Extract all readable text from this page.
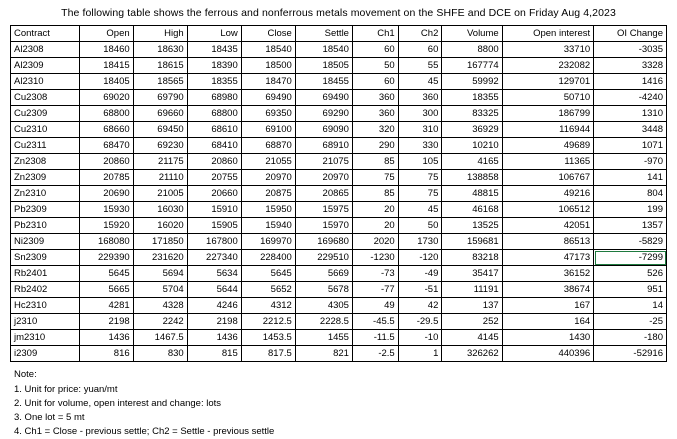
The following table shows the ferrous and nonferrous metals movement on the SHFE and DCE on Friday Aug 4,2023
Contract	Open	High	Low	Close	Settle	Ch1	Ch2	Volume	Open interest	OI Change
Al2308	18460	18630	18435	18540	18540	60	60	8800	33710	-3035
Al2309	18415	18615	18390	18500	18505	50	55	167774	232082	3328
Al2310	18405	18565	18355	18470	18455	60	45	59992	129701	1416
Cu2308	69020	69790	68980	69490	69490	360	360	18355	50710	-4240
Cu2309	68800	69660	68800	69350	69290	360	300	83325	186799	1310
Cu2310	68660	69450	68610	69100	69090	320	310	36929	116944	3448
Cu2311	68470	69230	68410	68870	68910	290	330	10210	49689	1071
Zn2308	20860	21175	20860	21055	21075	85	105	4165	11365	-970
Zn2309	20785	21110	20755	20970	20970	75	75	138858	106767	141
Zn2310	20690	21005	20660	20875	20865	85	75	48815	49216	804
Pb2309	15930	16030	15910	15950	15975	20	45	46168	106512	199
Pb2310	15920	16020	15905	15940	15970	20	50	13525	42051	1357
Ni2309	168080	171850	167800	169970	169680	2020	1730	159681	86513	-5829
Sn2309	229390	231620	227340	228400	229510	-1230	-120	83218	47173	-7299
Rb2401	5645	5694	5634	5645	5669	-73	-49	35417	36152	526
Rb2402	5665	5704	5644	5652	5678	-77	-51	11191	38674	951
Hc2310	4281	4328	4246	4312	4305	49	42	137	167	14
j2310	2198	2242	2198	2212.5	2228.5	-45.5	-29.5	252	164	-25
jm2310	1436	1467.5	1436	1453.5	1455	-11.5	-10	4145	1430	-180
i2309	816	830	815	817.5	821	-2.5	1	326262	440396	-52916
Note:
1. Unit for price: yuan/mt
2. Unit for volume, open interest and change: lots
3. One lot = 5 mt
4. Ch1 = Close - previous settle; Ch2 = Settle - previous settle
